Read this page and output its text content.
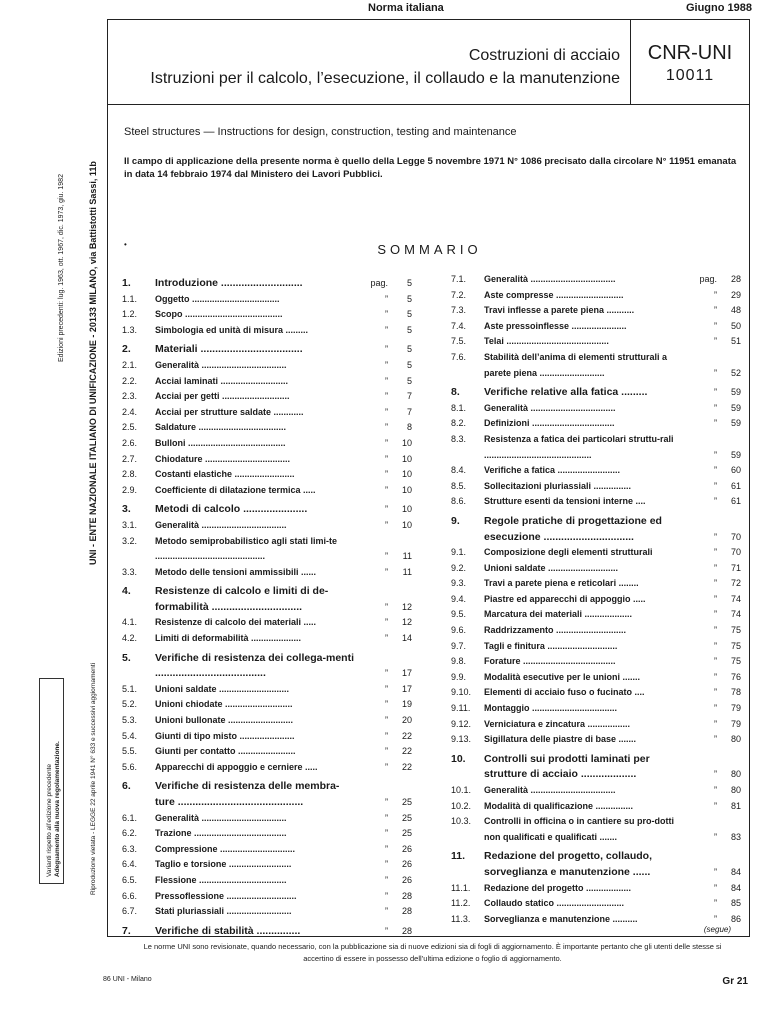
Norma italiana	Giugno 1988
Costruzioni di acciaio
Istruzioni per il calcolo, l’esecuzione, il collaudo e la manutenzione
CNR-UNI
10011
Steel structures — Instructions for design, construction, testing and maintenance
Il campo di applicazione della presente norma è quello della Legge 5 novembre 1971 N° 1086 precisato dalla circolare N° 11951 emanata in data 14 febbraio 1974 dal Ministero dei Lavori Pubblici.
•	SOMMARIO
1. Introduzione ............................	pag.	5
1.1. Oggetto ...................................	”	5
1.2. Scopo .......................................	”	5
1.3. Simbologia ed unità di misura .........	”	5
2. Materiali ...................................	”	5
2.1. Generalità ..................................	”	5
2.2. Acciai laminati ...........................	”	5
2.3. Acciai per getti ...........................	”	7
2.4. Acciai per strutture saldate ............	”	7
2.5. Saldature ...................................	”	8
2.6. Bulloni .......................................	”	10
2.7. Chiodature ..................................	”	10
2.8. Costanti elastiche ........................	”	10
2.9. Coefficiente di dilatazione termica .....	”	10
3. Metodi di calcolo ......................	”	10
3.1. Generalità ..................................	”	10
3.2. Metodo semiprobabilistico agli stati limi-te ............................................	”	11
3.3. Metodo delle tensioni ammissibili ......	”	11
4. Resistenze di calcolo e limiti di de-formabilità ...............................	”	12
4.1. Resistenze di calcolo dei materiali .....	”	12
4.2. Limiti di deformabilità ....................	”	14
5. Verifiche di resistenza dei collega-menti ......................................	”	17
5.1. Unioni saldate ............................	”	17
5.2. Unioni chiodate ...........................	”	19
5.3. Unioni bullonate ..........................	”	20
5.4. Giunti di tipo misto ......................	”	22
5.5. Giunti per contatto .......................	”	22
5.6. Apparecchi di appoggio e cerniere .....	”	22
6. Verifiche di resistenza delle membra-ture ...........................................	”	25
6.1. Generalità ..................................	”	25
6.2. Trazione .....................................	”	25
6.3. Compressione ..............................	”	26
6.4. Taglio e torsione .........................	”	26
6.5. Flessione ...................................	”	26
6.6. Pressoflessione ............................	”	28
6.7. Stati pluriassiali ..........................	”	28
7. Verifiche di stabilità ...............	”	28
7.1. Generalità ..................................	pag.	28
7.2. Aste compresse ...........................	”	29
7.3. Travi inflesse a parete piena ...........	”	48
7.4. Aste pressoinflesse ......................	”	50
7.5. Telai .........................................	”	51
7.6. Stabilità dell’anima di elementi strutturali a parete piena ..........................	”	52
8. Verifiche relative alla fatica .........	”	59
8.1. Generalità ..................................	”	59
8.2. Definizioni .................................	”	59
8.3. Resistenza a fatica dei particolari struttu-rali ...........................................	”	59
8.4. Verifiche a fatica .........................	”	60
8.5. Sollecitazioni pluriassiali ...............	”	61
8.6. Strutture esenti da tensioni interne ....	”	61
9. Regole pratiche di progettazione ed esecuzione ...............................	”	70
9.1. Composizione degli elementi strutturali	”	70
9.2. Unioni saldate ............................	”	71
9.3. Travi a parete piena e reticolari ........	”	72
9.4. Piastre ed apparecchi di appoggio .....	”	74
9.5. Marcatura dei materiali ...................	”	74
9.6. Raddrizzamento ............................	”	75
9.7. Tagli e finitura ............................	”	75
9.8. Forature .....................................	”	75
9.9. Modalità esecutive per le unioni .......	”	76
9.10. Elementi di acciaio fuso o fucinato ....	”	78
9.11. Montaggio ..................................	”	79
9.12. Verniciatura e zincatura .................	”	79
9.13. Sigillatura delle piastre di base .......	”	80
10. Controlli sui prodotti laminati per strutture di acciaio ...................	”	80
10.1. Generalità ..................................	”	80
10.2. Modalità di qualificazione ...............	”	81
10.3. Controlli in officina o in cantiere su pro-dotti non qualificati e qualificati .......	”	83
11. Redazione del progetto, collaudo, sorveglianza e manutenzione ......	”	84
11.1. Redazione del progetto ..................	”	84
11.2. Collaudo statico ...........................	”	85
11.3. Sorveglianza e manutenzione ..........	”	86
(segue)
Le norme UNI sono revisionate, quando necessario, con la pubblicazione sia di nuove edizioni sia di fogli di aggiornamento. È importante pertanto che gli utenti delle stesse si accertino di essere in possesso dell’ultima edizione o foglio di aggiornamento.
86 UNI - Milano	Gr 21
Edizioni precedenti: lug. 1963, ott. 1967, dic. 1973, giu. 1982	UNI - ENTE NAZIONALE ITALIANO DI UNIFICAZIONE - 20133 MILANO, via Battistotti Sassi, 11b
Riproduzione vietata - LEGGE 22 aprile 1941 N° 633 e successivi aggiornamenti
Varianti rispetto all’edizione precedente Adeguamento alla nuova regolamentazione.
